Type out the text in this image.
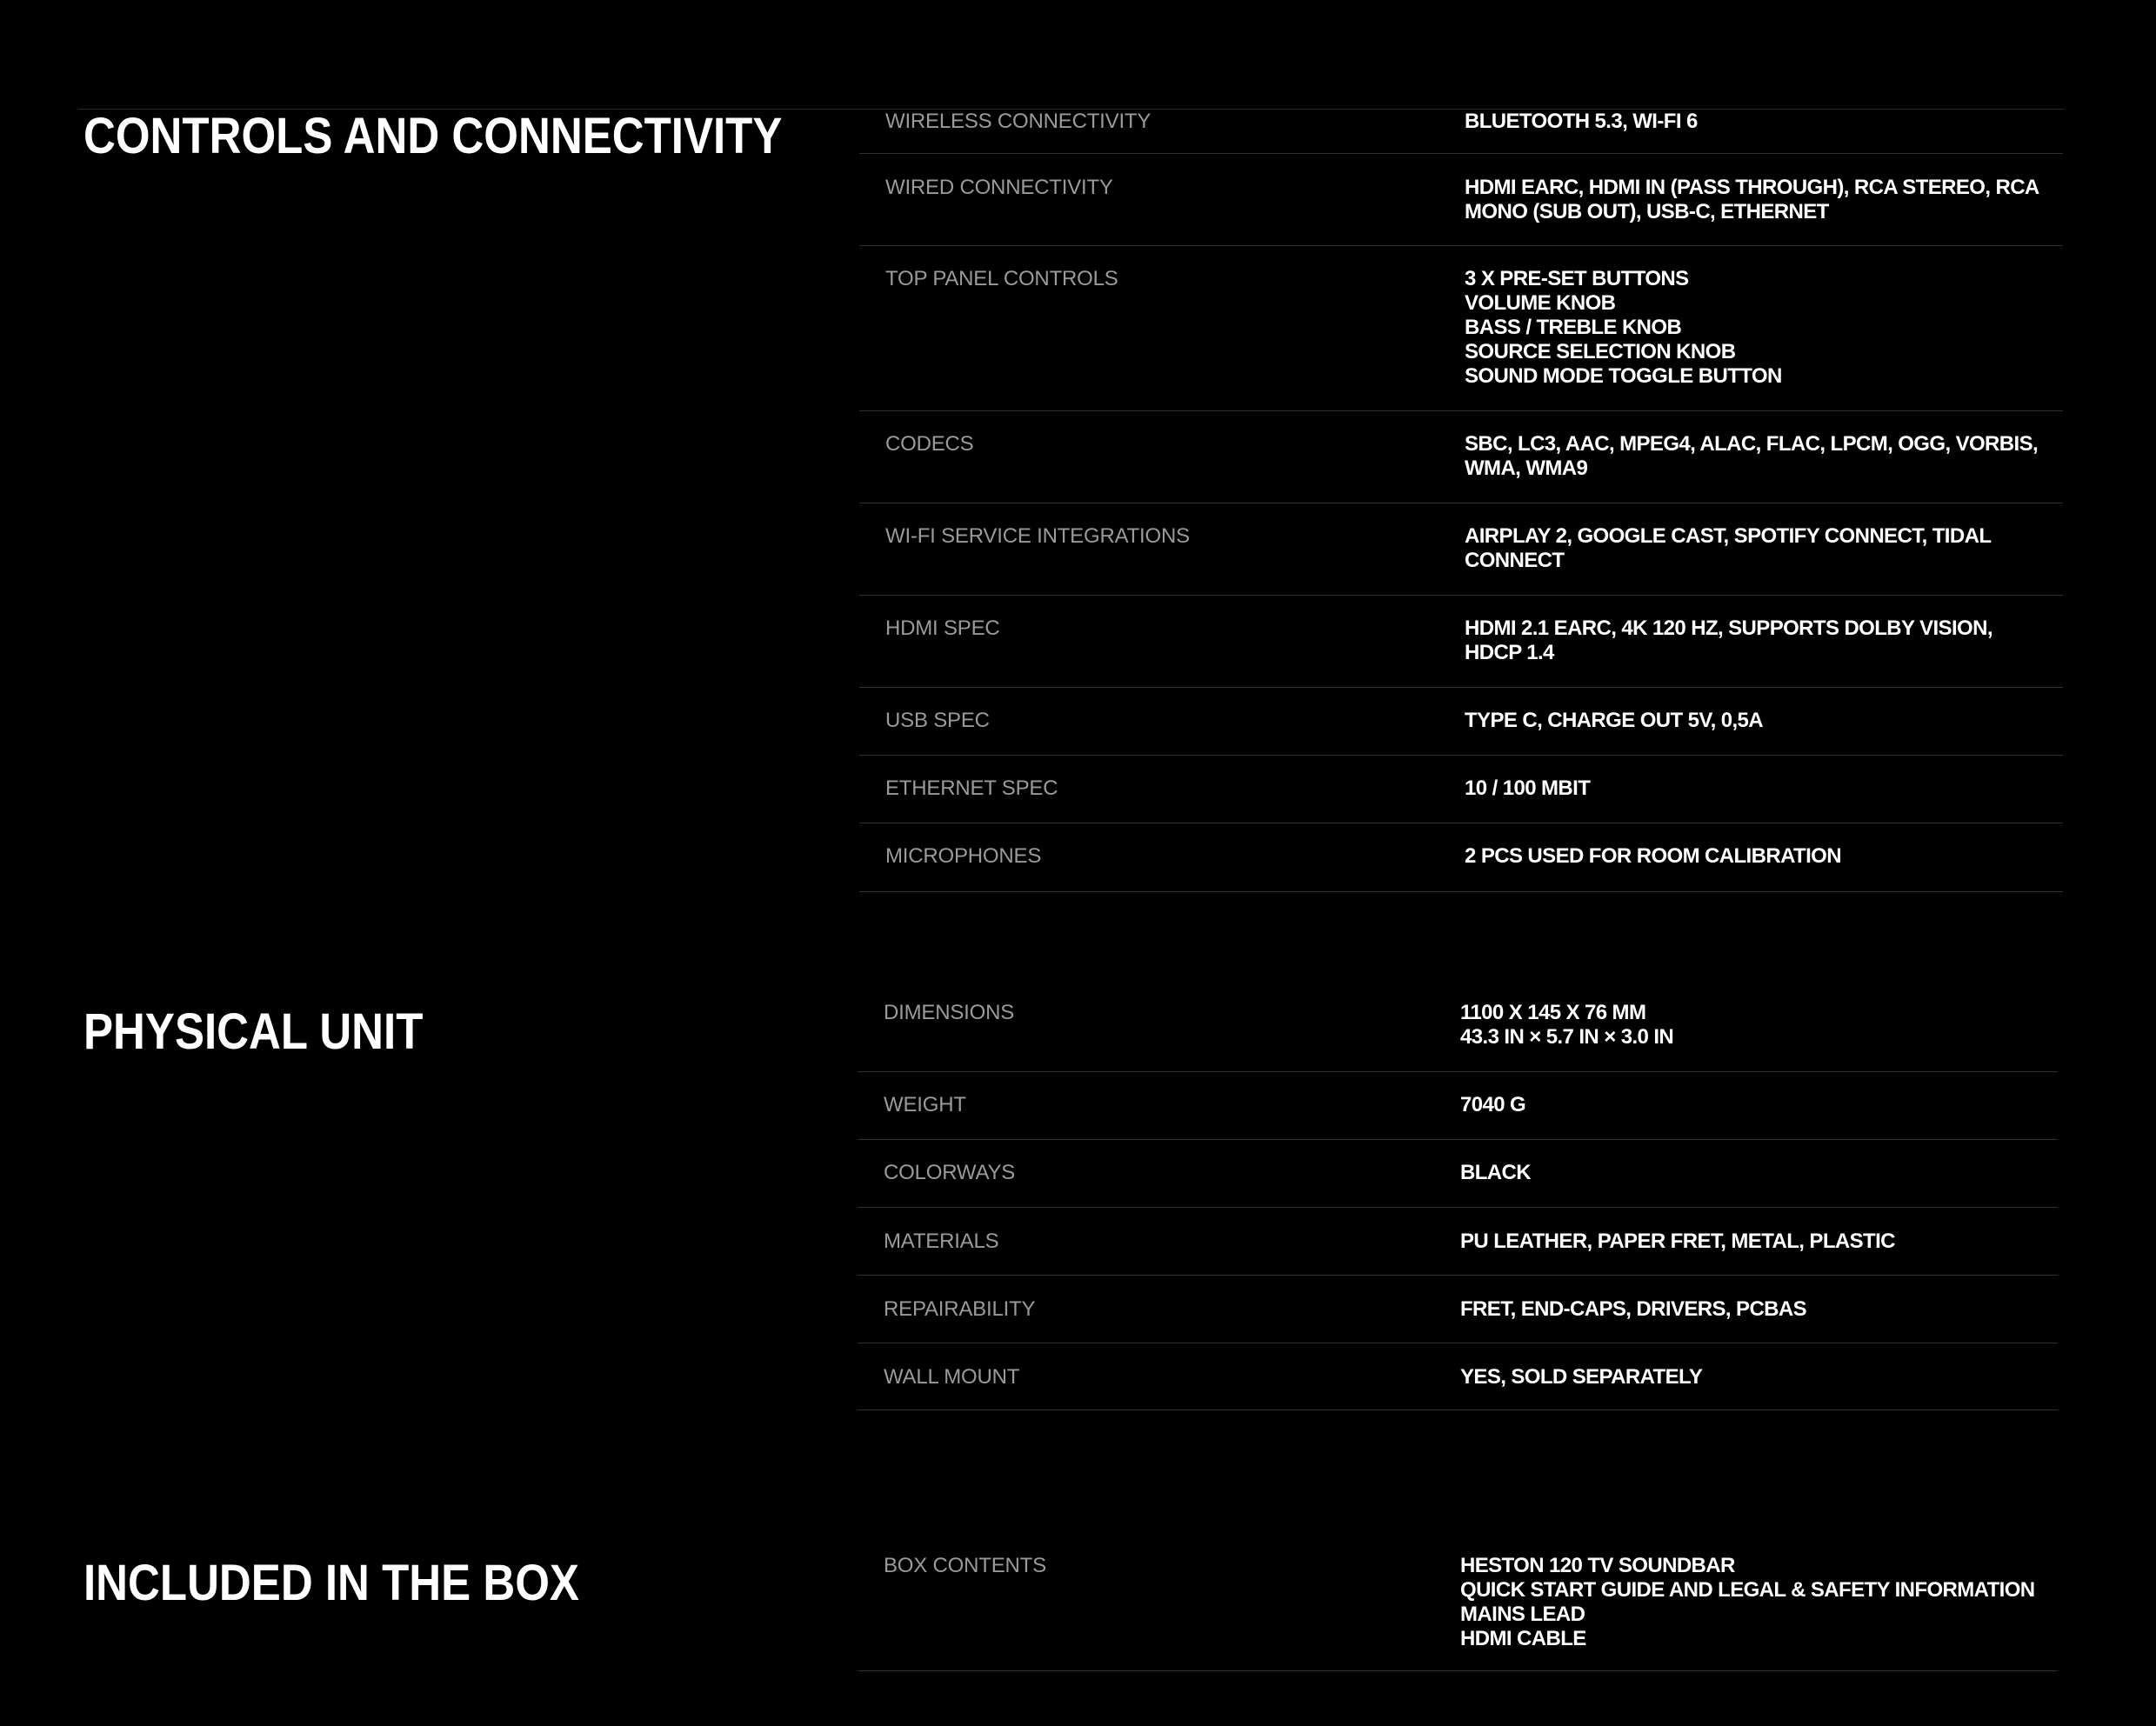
CONTROLS AND CONNECTIVITY	WIRELESS CONNECTIVITY	BLUETOOTH 5.3, WI-FI 6
WIRED CONNECTIVITY	HDMI EARC, HDMI IN (PASS THROUGH), RCA STEREO, RCA
MONO (SUB OUT), USB-C, ETHERNET
TOP PANEL CONTROLS	3 X PRE-SET BUTTONS
VOLUME KNOB
BASS / TREBLE KNOB
SOURCE SELECTION KNOB
SOUND MODE TOGGLE BUTTON
CODECS	SBC, LC3, AAC, MPEG4, ALAC, FLAC, LPCM, OGG, VORBIS,
WMA, WMA9
WI-FI SERVICE INTEGRATIONS	AIRPLAY 2, GOOGLE CAST, SPOTIFY CONNECT, TIDAL
CONNECT
HDMI SPEC	HDMI 2.1 EARC, 4K 120 HZ, SUPPORTS DOLBY VISION,
HDCP 1.4
USB SPEC	TYPE C, CHARGE OUT 5V, 0,5A
ETHERNET SPEC	10 / 100 MBIT
MICROPHONES	2 PCS USED FOR ROOM CALIBRATION
PHYSICAL UNIT	DIMENSIONS	1100 X 145 X 76 MM
43.3 IN × 5.7 IN × 3.0 IN
WEIGHT	7040 G
COLORWAYS	BLACK
MATERIALS	PU LEATHER, PAPER FRET, METAL, PLASTIC
REPAIRABILITY	FRET, END-CAPS, DRIVERS, PCBAS
WALL MOUNT	YES, SOLD SEPARATELY
INCLUDED IN THE BOX	BOX CONTENTS	HESTON 120 TV SOUNDBAR
QUICK START GUIDE AND LEGAL & SAFETY INFORMATION
MAINS LEAD
HDMI CABLE
